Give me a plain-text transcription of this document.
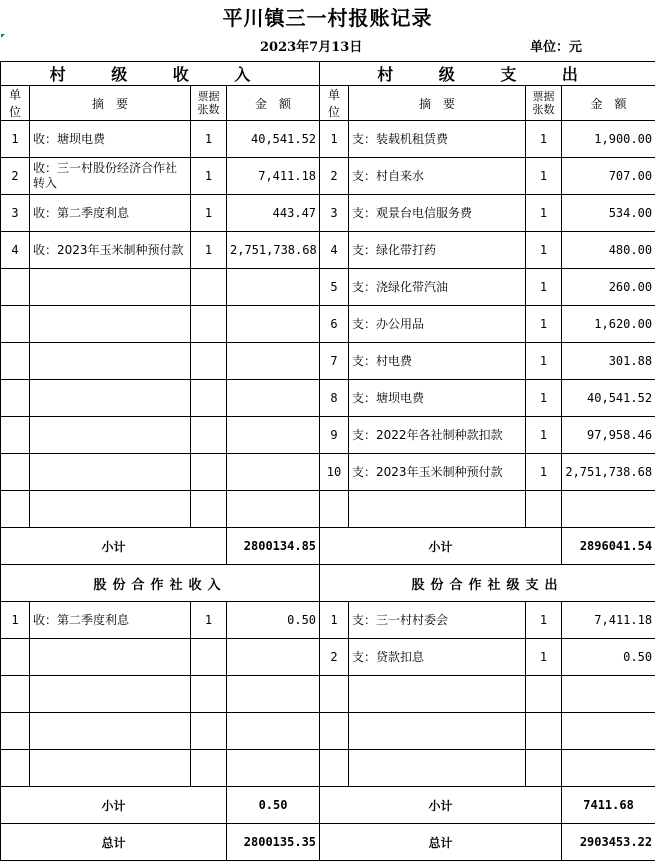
平川镇三一村报账记录
2023年7月13日	单位：元
村 级 收 入				村 级 支 出			
单位	摘　要	票据张数	金　额	单位	摘　要	票据张数	金　额
1	收：塘坝电费	1	40,541.52	1	支：装载机租赁费	1	1,900.00
2	收：三一村股份经济合作社转入	1	7,411.18	2	支：村自来水	1	707.00
3	收：第二季度利息	1	443.47	3	支：观景台电信服务费	1	534.00
4	收：2023年玉米制种预付款	1	2,751,738.68	4	支：绿化带打药	1	480.00
				5	支：浇绿化带汽油	1	260.00
				6	支：办公用品	1	1,620.00
				7	支：村电费	1	301.88
				8	支：塘坝电费	1	40,541.52
				9	支：2022年各社制种款扣款	1	97,958.46
				10	支：2023年玉米制种预付款	1	2,751,738.68

小计			2800134.85	小计			2896041.54
股份合作社收入				股份合作社级支出			
1	收：第二季度利息	1	0.50	1	支：三一村村委会	1	7,411.18
				2	支：贷款扣息	1	0.50

小计			0.50	小计			7411.68
总计			2800135.35	总计			2903453.22
